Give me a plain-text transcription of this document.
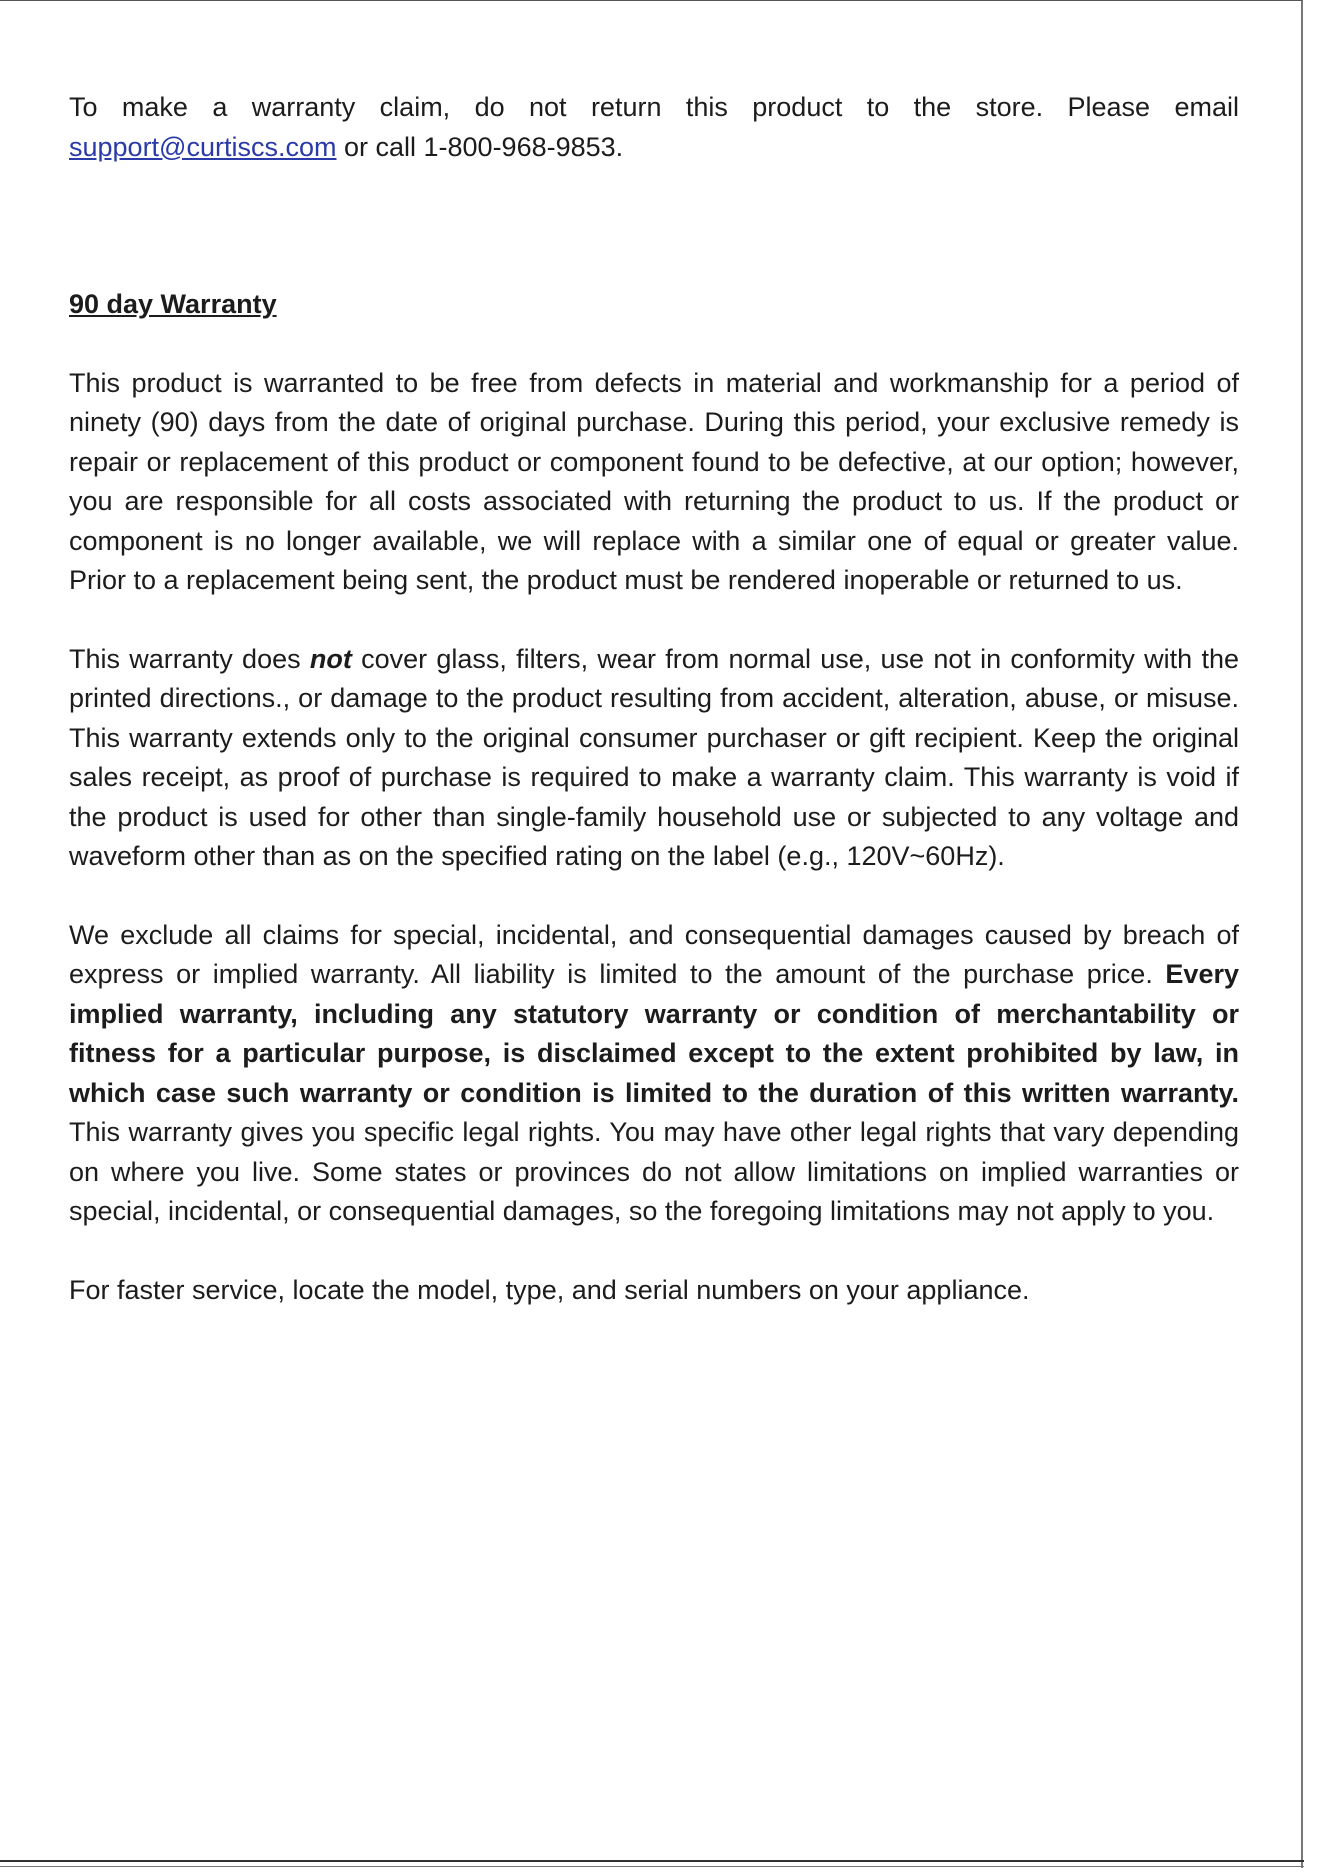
To make a warranty claim, do not return this product to the store. Please email support@curtiscs.com or call 1-800-968-9853.

90 day Warranty

This product is warranted to be free from defects in material and workmanship for a period of ninety (90) days from the date of original purchase. During this period, your exclusive remedy is repair or replacement of this product or component found to be defective, at our option; however, you are responsible for all costs associated with returning the product to us. If the product or component is no longer available, we will replace with a similar one of equal or greater value. Prior to a replacement being sent, the product must be rendered inoperable or returned to us.

This warranty does not cover glass, filters, wear from normal use, use not in conformity with the printed directions., or damage to the product resulting from accident, alteration, abuse, or misuse. This warranty extends only to the original consumer purchaser or gift recipient. Keep the original sales receipt, as proof of purchase is required to make a warranty claim. This warranty is void if the product is used for other than single-family household use or subjected to any voltage and waveform other than as on the specified rating on the label (e.g., 120V~60Hz).

We exclude all claims for special, incidental, and consequential damages caused by breach of express or implied warranty. All liability is limited to the amount of the purchase price. Every implied warranty, including any statutory warranty or condition of merchantability or fitness for a particular purpose, is disclaimed except to the extent prohibited by law, in which case such warranty or condition is limited to the duration of this written warranty. This warranty gives you specific legal rights. You may have other legal rights that vary depending on where you live. Some states or provinces do not allow limitations on implied warranties or special, incidental, or consequential damages, so the foregoing limitations may not apply to you.

For faster service, locate the model, type, and serial numbers on your appliance.
